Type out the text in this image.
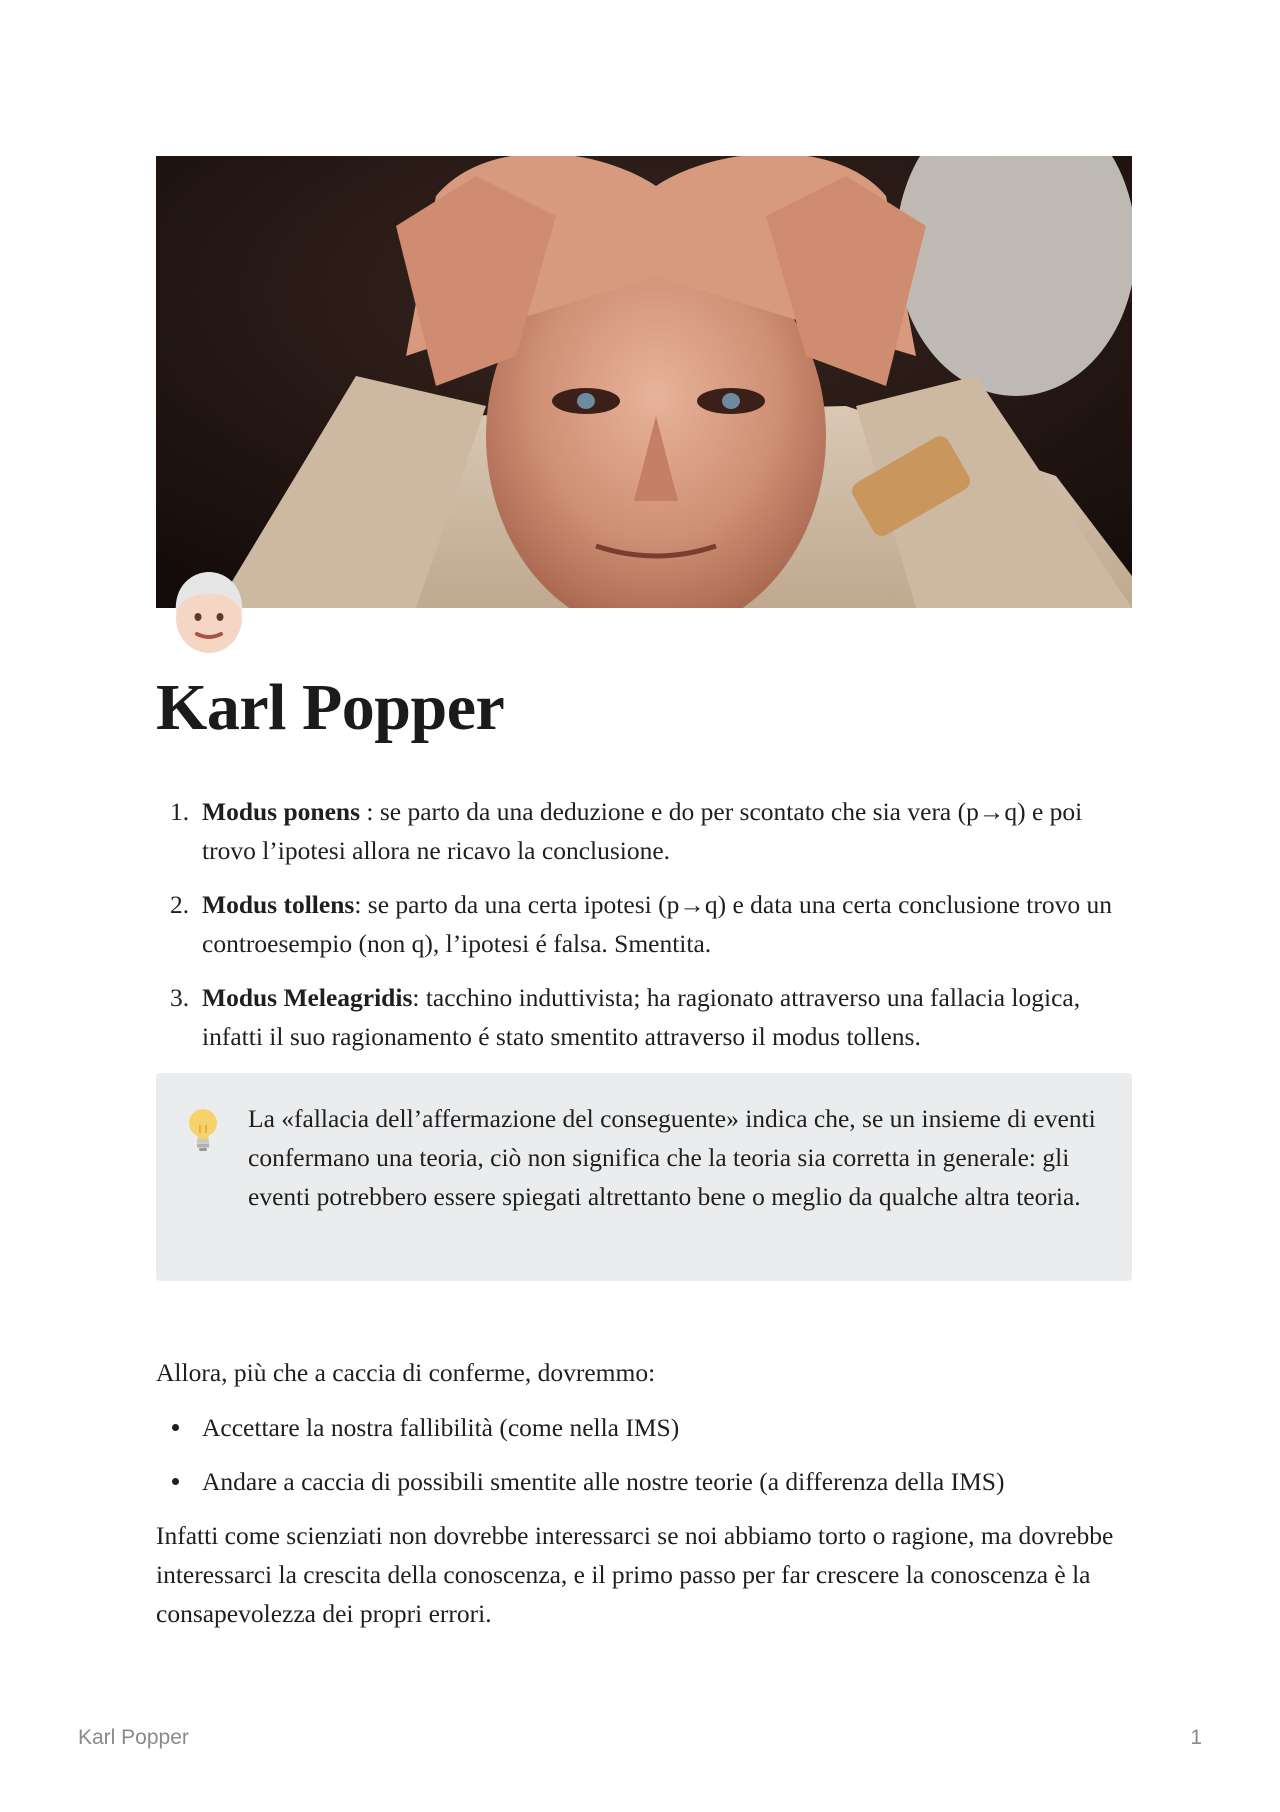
Karl Popper
1. Modus ponens : se parto da una deduzione e do per scontato che sia vera (p→q) e poi trovo l’ipotesi allora ne ricavo la conclusione.
2. Modus tollens: se parto da una certa ipotesi (p→q) e data una certa conclusione trovo un controesempio (non q), l’ipotesi é falsa. Smentita.
3. Modus Meleagridis: tacchino induttivista; ha ragionato attraverso una fallacia logica, infatti il suo ragionamento é stato smentito attraverso il modus tollens.
La «fallacia dell’affermazione del conseguente» indica che, se un insieme di eventi confermano una teoria, ciò non significa che la teoria sia corretta in generale: gli eventi potrebbero essere spiegati altrettanto bene o meglio da qualche altra teoria.

Allora, più che a caccia di conferme, dovremmo:

Accettare la nostra fallibilità (come nella IMS)
Andare a caccia di possibili smentite alle nostre teorie (a differenza della IMS)

Infatti come scienziati non dovrebbe interessarci se noi abbiamo torto o ragione, ma dovrebbe interessarci la crescita della conoscenza, e il primo passo per far crescere la conoscenza è la consapevolezza dei propri errori.

Karl Popper	1
